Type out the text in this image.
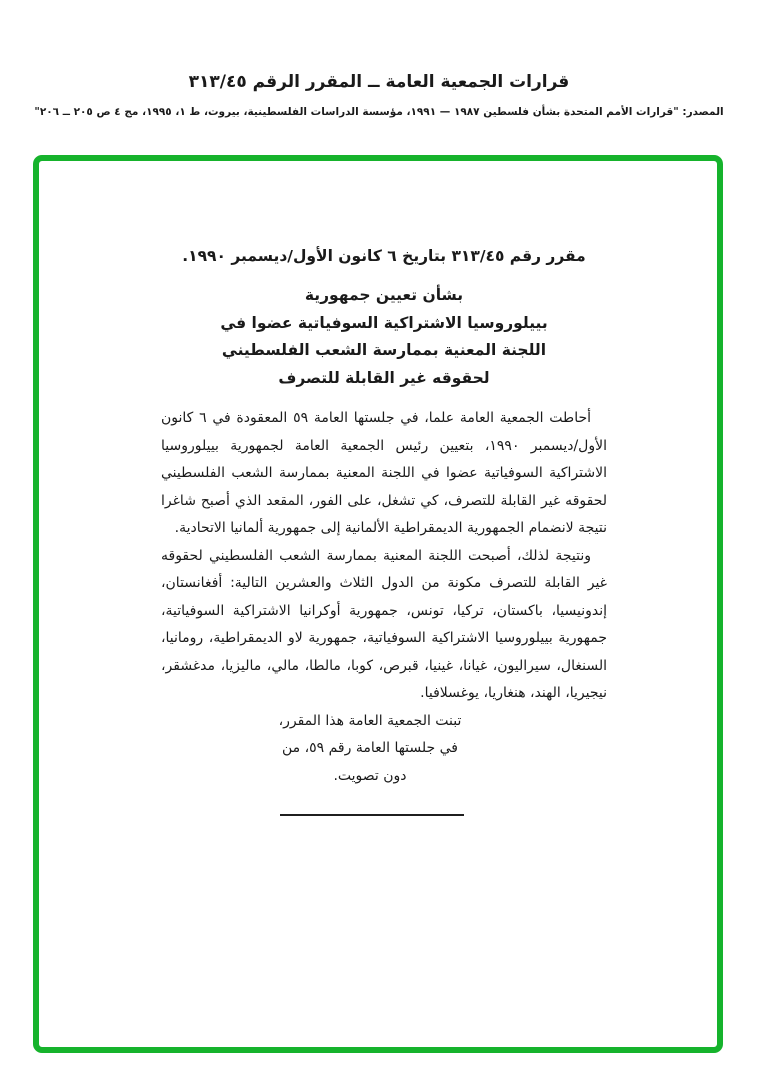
قرارات الجمعية العامة ــ المقرر الرقم ٣١٣/٤٥
المصدر: "قرارات الأمم المتحدة بشأن فلسطين ١٩٨٧ — ١٩٩١، مؤسسة الدراسات الفلسطينية، بيروت، ط ١، ١٩٩٥، مج ٤ ص ٢٠٥ ــ ٢٠٦"
مقرر رقم ٣١٣/٤٥ بتاريخ ٦ كانون الأول/ديسمبر ١٩٩٠.
بشأن تعيين جمهورية
بييلوروسيا الاشتراكية السوفياتية عضوا في
اللجنة المعنية بممارسة الشعب الفلسطيني
لحقوقه غير القابلة للتصرف

أحاطت الجمعية العامة علما، في جلستها العامة ٥٩ المعقودة في ٦ كانون الأول/ديسمبر ١٩٩٠، بتعيين رئيس الجمعية العامة لجمهورية بييلوروسيا الاشتراكية السوفياتية عضوا في اللجنة المعنية بممارسة الشعب الفلسطيني لحقوقه غير القابلة للتصرف، كي تشغل، على الفور، المقعد الذي أصبح شاغرا نتيجة لانضمام الجمهورية الديمقراطية الألمانية إلى جمهورية ألمانيا الاتحادية.

ونتيجة لذلك، أصبحت اللجنة المعنية بممارسة الشعب الفلسطيني لحقوقه غير القابلة للتصرف مكونة من الدول الثلاث والعشرين التالية: أفغانستان، إندونيسيا، باكستان، تركيا، تونس، جمهورية أوكرانيا الاشتراكية السوفياتية، جمهورية بييلوروسيا الاشتراكية السوفياتية، جمهورية لاو الديمقراطية، رومانيا، السنغال، سيراليون، غيانا، غينيا، قبرص، كوبا، مالطا، مالي، ماليزيا، مدغشقر، نيجيريا، الهند، هنغاريا، يوغسلافيا.

تبنت الجمعية العامة هذا المقرر،
في جلستها العامة رقم ٥٩، من
دون تصويت.
